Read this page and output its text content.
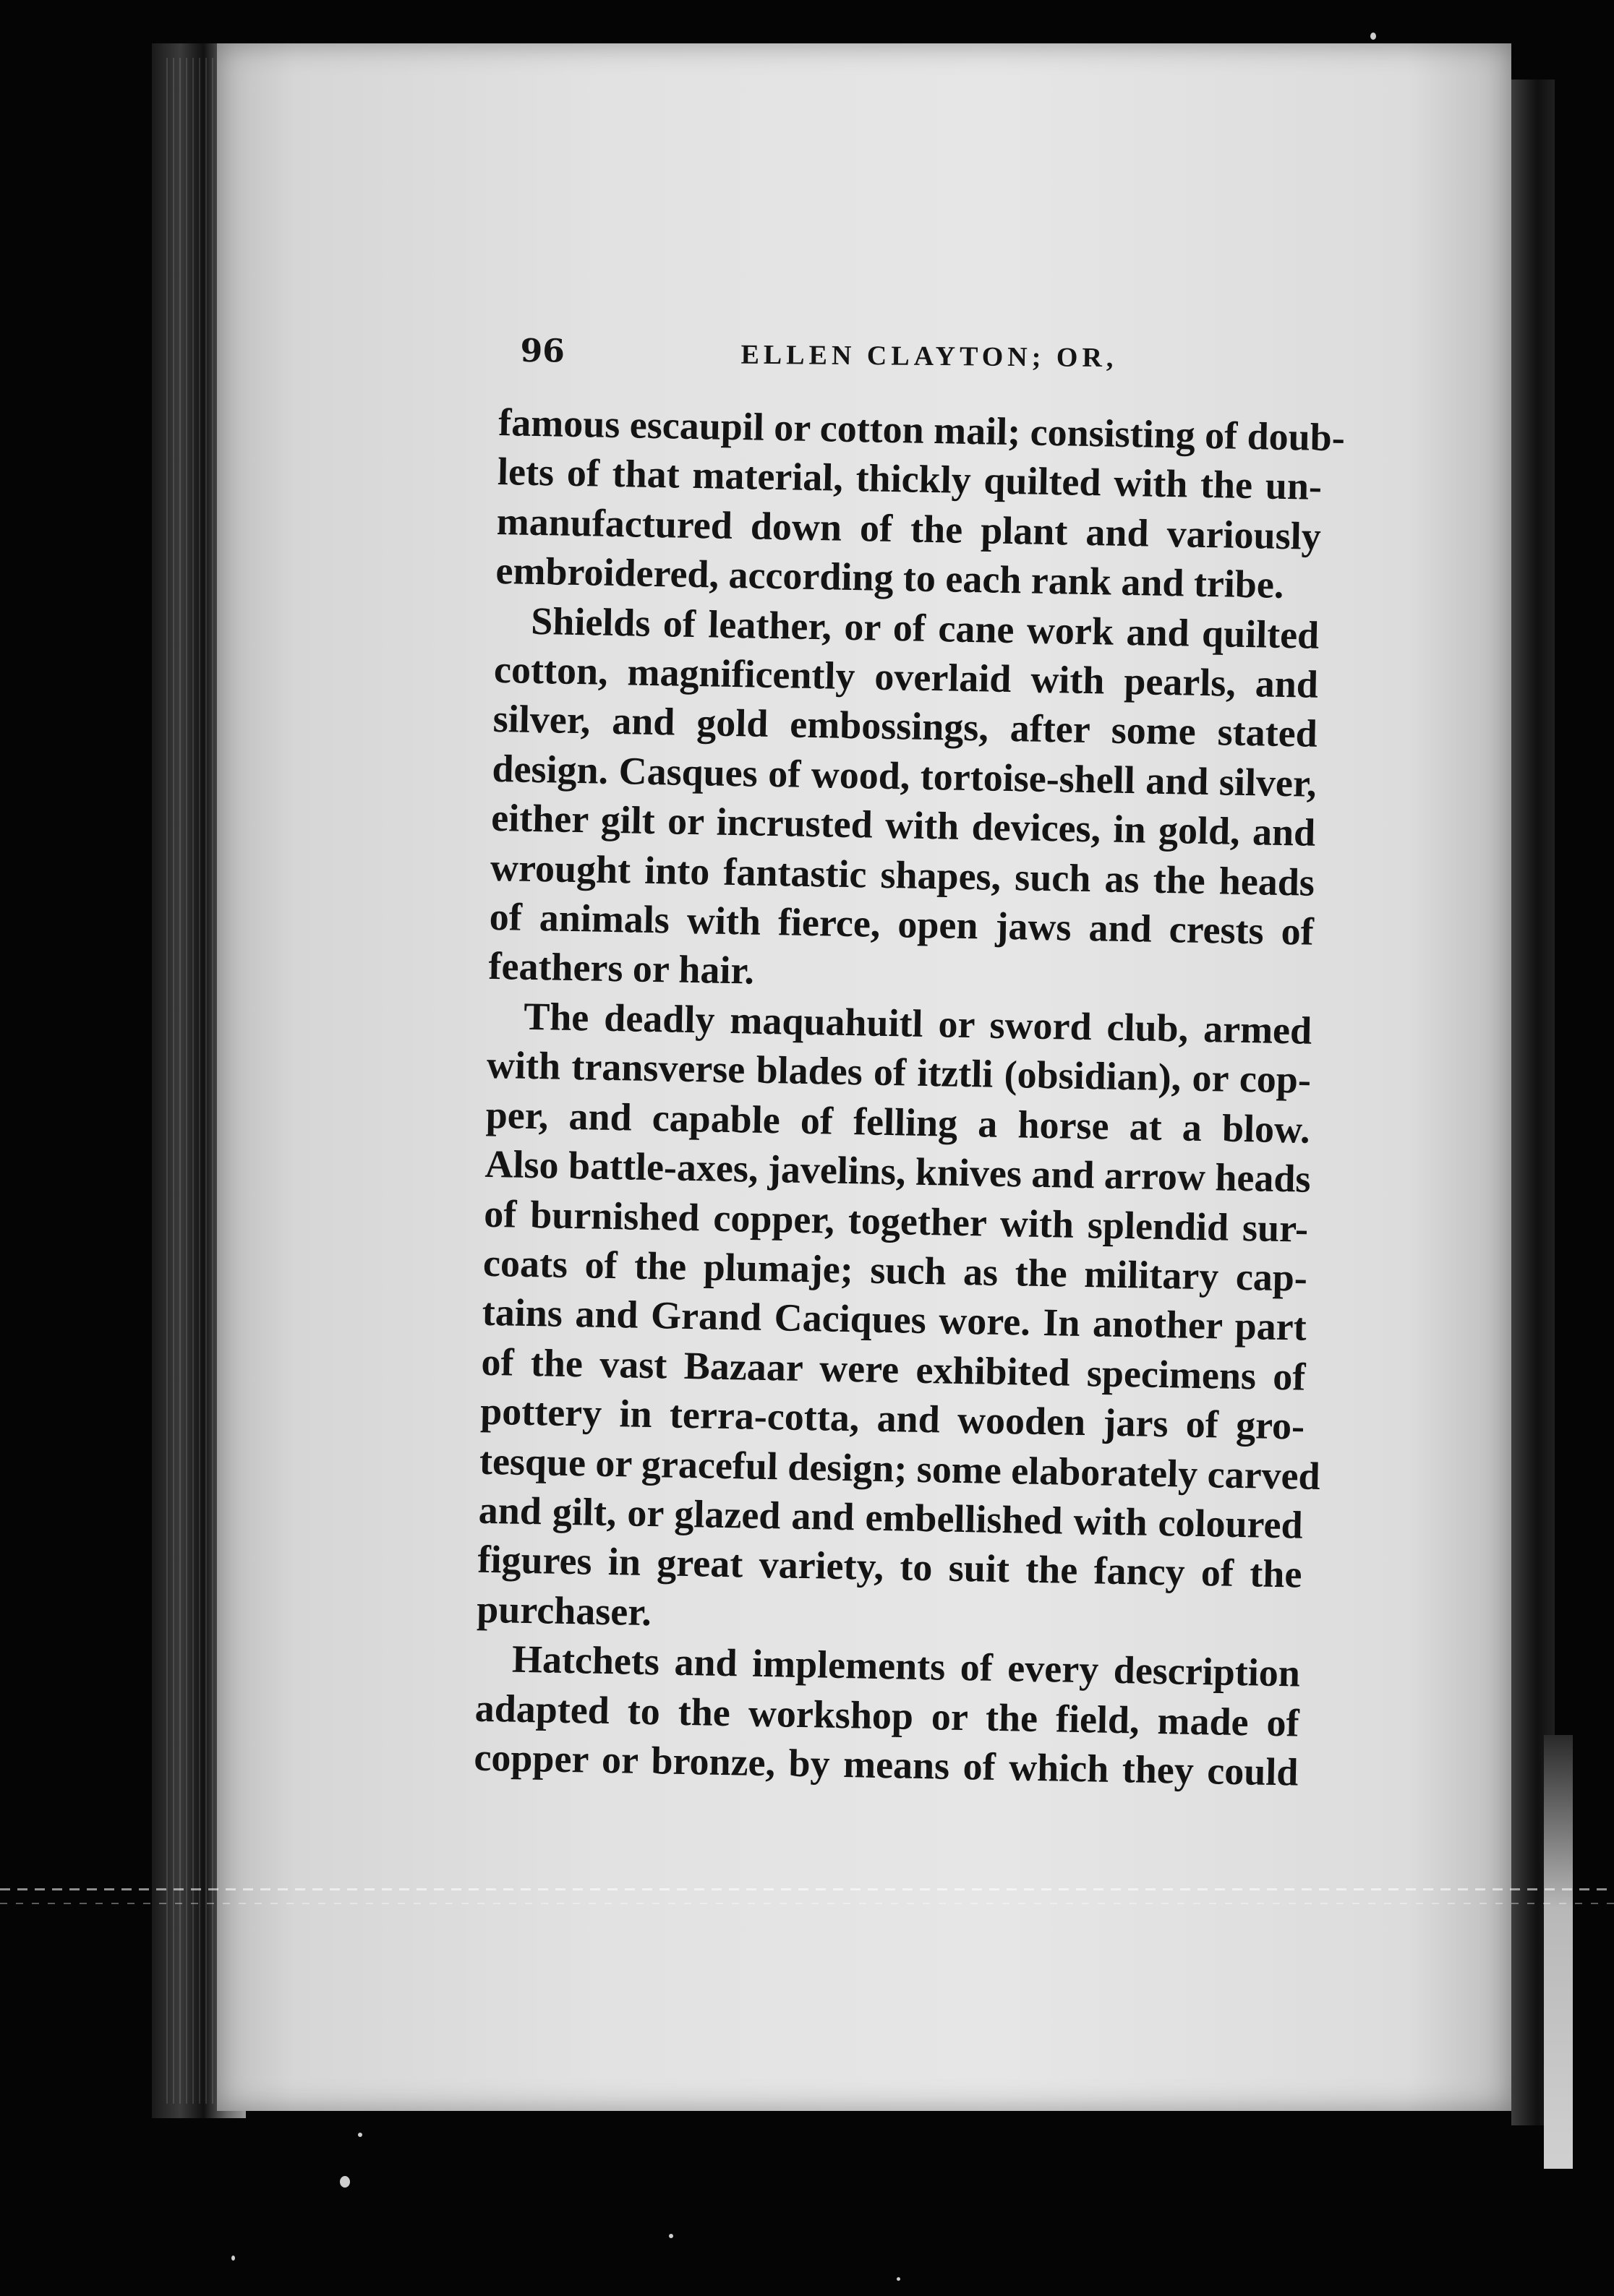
96	ELLEN CLAYTON; OR,
famous escaupil or cotton mail; consisting of doub-
lets of that material, thickly quilted with the un-
manufactured down of the plant and variously
embroidered, according to each rank and tribe.
Shields of leather, or of cane work and quilted
cotton, magnificently overlaid with pearls, and
silver, and gold embossings, after some stated
design. Casques of wood, tortoise-shell and silver,
either gilt or incrusted with devices, in gold, and
wrought into fantastic shapes, such as the heads
of animals with fierce, open jaws and crests of
feathers or hair.
The deadly maquahuitl or sword club, armed
with transverse blades of itztli (obsidian), or cop-
per, and capable of felling a horse at a blow.
Also battle-axes, javelins, knives and arrow heads
of burnished copper, together with splendid sur-
coats of the plumaje; such as the military cap-
tains and Grand Caciques wore. In another part
of the vast Bazaar were exhibited specimens of
pottery in terra-cotta, and wooden jars of gro-
tesque or graceful design; some elaborately carved
and gilt, or glazed and embellished with coloured
figures in great variety, to suit the fancy of the
purchaser.
Hatchets and implements of every description
adapted to the workshop or the field, made of
copper or bronze, by means of which they could
